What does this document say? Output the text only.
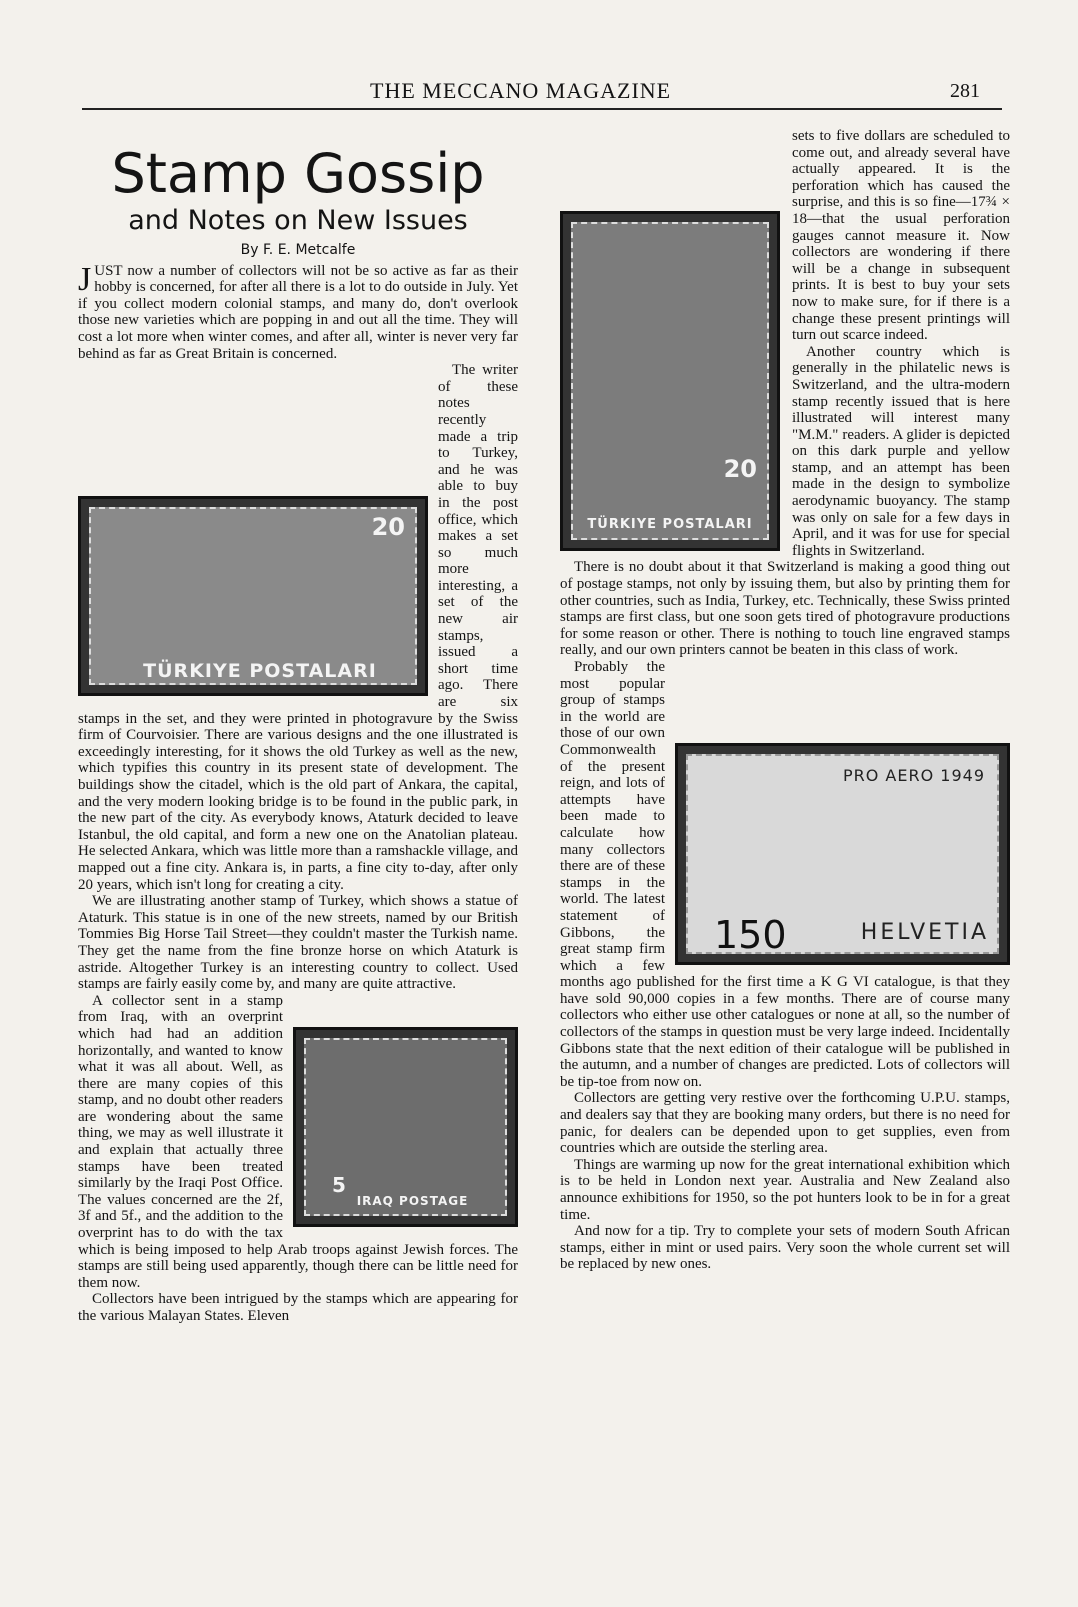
THE MECCANO MAGAZINE	281
Stamp Gossip
and Notes on New Issues
By F. E. Metcalfe

JUST now a number of collectors will not be so active as far as their hobby is concerned, for after all there is a lot to do outside in July. Yet if you collect modern colonial stamps, and many do, don't overlook those new varieties which are popping in and out all the time. They will cost a lot more when winter comes, and after all, winter is never very far behind as far as Great Britain is concerned.

20
TÜRKIYE POSTALARI
The writer of these notes recently made a trip to Turkey, and he was able to buy in the post office, which makes a set so much more interesting, a set of the new air stamps, issued a short time ago. There are six stamps in the set, and they were printed in photogravure by the Swiss firm of Courvoisier. There are various designs and the one illustrated is exceedingly interesting, for it shows the old Turkey as well as the new, which typifies this country in its present state of development. The buildings show the citadel, which is the old part of Ankara, the capital, and the very modern looking bridge is to be found in the public park, in the new part of the city. As everybody knows, Ataturk decided to leave Istanbul, the old capital, and form a new one on the Anatolian plateau. He selected Ankara, which was little more than a ramshackle village, and mapped out a fine city. Ankara is, in parts, a fine city to-day, after only 20 years, which isn't long for creating a city.

We are illustrating another stamp of Turkey, which shows a statue of Ataturk. This statue is in one of the new streets, named by our British Tommies Big Horse Tail Street—they couldn't master the Turkish name. They get the name from the fine bronze horse on which Ataturk is astride. Altogether Turkey is an interesting country to collect. Used stamps are fairly easily come by, and many are quite attractive.

5
IRAQ POSTAGE
A collector sent in a stamp from Iraq, with an overprint which had had an addition horizontally, and wanted to know what it was all about. Well, as there are many copies of this stamp, and no doubt other readers are wondering about the same thing, we may as well illustrate it and explain that actually three stamps have been treated similarly by the Iraqi Post Office. The values concerned are the 2f, 3f and 5f., and the addition to the overprint has to do with the tax which is being imposed to help Arab troops against Jewish forces. The stamps are still being used apparently, though there can be little need for them now.

Collectors have been intrigued by the stamps which are appearing for the various Malayan States. Eleven

20
TÜRKIYE POSTALARI
sets to five dollars are scheduled to come out, and already several have actually appeared. It is the perforation which has caused the surprise, and this is so fine—17¾ × 18—that the usual perforation gauges cannot measure it. Now collectors are wondering if there will be a change in subsequent prints. It is best to buy your sets now to make sure, for if there is a change these present printings will turn out scarce indeed.

Another country which is generally in the philatelic news is Switzerland, and the ultra-modern stamp recently issued that is here illustrated will interest many "M.M." readers. A glider is depicted on this dark purple and yellow stamp, and an attempt has been made in the design to symbolize aerodynamic buoyancy. The stamp was only on sale for a few days in April, and it was for use for special flights in Switzerland.

There is no doubt about it that Switzerland is making a good thing out of postage stamps, not only by issuing them, but also by printing them for other countries, such as India, Turkey, etc. Technically, these Swiss printed stamps are first class, but one soon gets tired of photogravure productions for some reason or other. There is nothing to touch line engraved stamps really, and our own printers cannot be beaten in this class of work.

PRO AERO 1949
150	HELVETIA
Probably the most popular group of stamps in the world are those of our own Commonwealth of the present reign, and lots of attempts have been made to calculate how many collectors there are of these stamps in the world. The latest statement of Gibbons, the great stamp firm which a few months ago published for the first time a K G VI catalogue, is that they have sold 90,000 copies in a few months. There are of course many collectors who either use other catalogues or none at all, so the number of collectors of the stamps in question must be very large indeed. Incidentally Gibbons state that the next edition of their catalogue will be published in the autumn, and a number of changes are predicted. Lots of collectors will be tip-toe from now on.

Collectors are getting very restive over the forthcoming U.P.U. stamps, and dealers say that they are booking many orders, but there is no need for panic, for dealers can be depended upon to get supplies, even from countries which are outside the sterling area.

Things are warming up now for the great international exhibition which is to be held in London next year. Australia and New Zealand also announce exhibitions for 1950, so the pot hunters look to be in for a great time.

And now for a tip. Try to complete your sets of modern South African stamps, either in mint or used pairs. Very soon the whole current set will be replaced by new ones.
